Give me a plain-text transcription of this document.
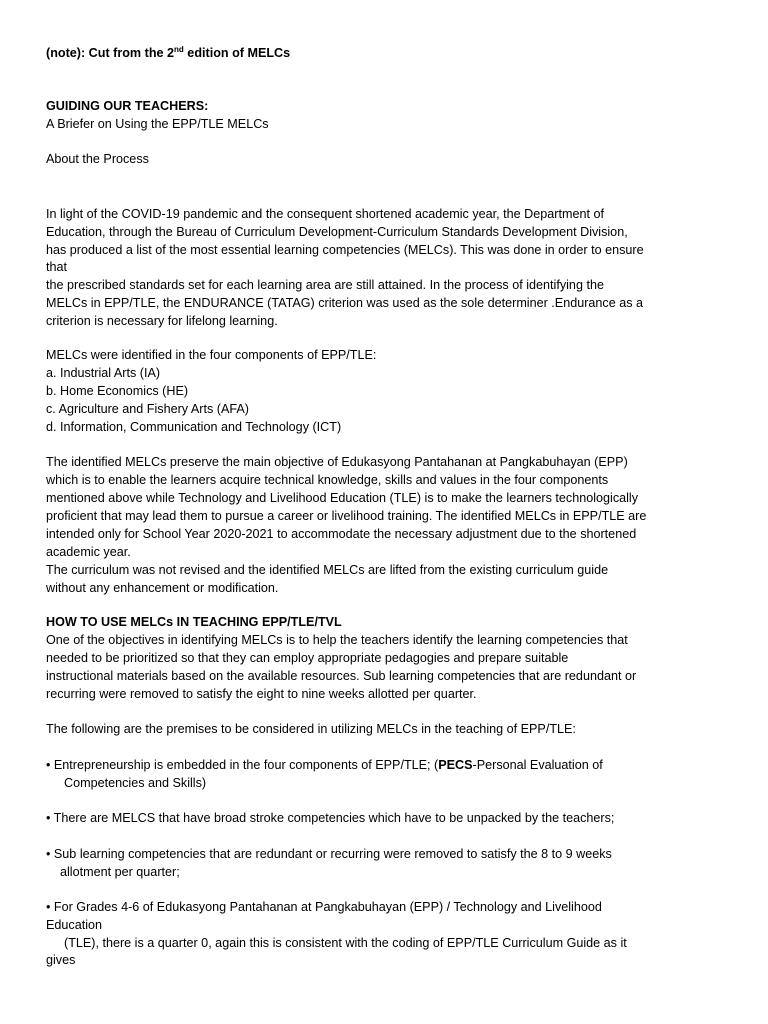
(note): Cut from the 2nd edition of MELCs
GUIDING OUR TEACHERS:
A Briefer on Using the EPP/TLE MELCs
About the Process
In light of the COVID-19 pandemic and the consequent shortened academic year, the Department of
Education, through the Bureau of Curriculum Development-Curriculum Standards Development Division,
has produced a list of the most essential learning competencies (MELCs). This was done in order to ensure
that
the prescribed standards set for each learning area are still attained. In the process of identifying the
MELCs in EPP/TLE, the ENDURANCE (TATAG) criterion was used as the sole determiner .Endurance as a
criterion is necessary for lifelong learning.
MELCs were identified in the four components of EPP/TLE:
a. Industrial Arts (IA)
b. Home Economics (HE)
c. Agriculture and Fishery Arts (AFA)
d. Information, Communication and Technology (ICT)
The identified MELCs preserve the main objective of Edukasyong Pantahanan at Pangkabuhayan (EPP)
which is to enable the learners acquire technical knowledge, skills and values in the four components
mentioned above while Technology and Livelihood Education (TLE) is to make the learners technologically
proficient that may lead them to pursue a career or livelihood training. The identified MELCs in EPP/TLE are
intended only for School Year 2020-2021 to accommodate the necessary adjustment due to the shortened
academic year.
The curriculum was not revised and the identified MELCs are lifted from the existing curriculum guide
without any enhancement or modification.
HOW TO USE MELCs IN TEACHING EPP/TLE/TVL
One of the objectives in identifying MELCs is to help the teachers identify the learning competencies that
needed to be prioritized so that they can employ appropriate pedagogies and prepare suitable
instructional materials based on the available resources. Sub learning competencies that are redundant or
recurring were removed to satisfy the eight to nine weeks allotted per quarter.
The following are the premises to be considered in utilizing MELCs in the teaching of EPP/TLE:
• Entrepreneurship is embedded in the four components of EPP/TLE; (PECS-Personal Evaluation of
Competencies and Skills)
• There are MELCS that have broad stroke competencies which have to be unpacked by the teachers;
• Sub learning competencies that are redundant or recurring were removed to satisfy the 8 to 9 weeks
allotment per quarter;
• For Grades 4-6 of Edukasyong Pantahanan at Pangkabuhayan (EPP) / Technology and Livelihood
Education
(TLE), there is a quarter 0, again this is consistent with the coding of EPP/TLE Curriculum Guide as it
gives
